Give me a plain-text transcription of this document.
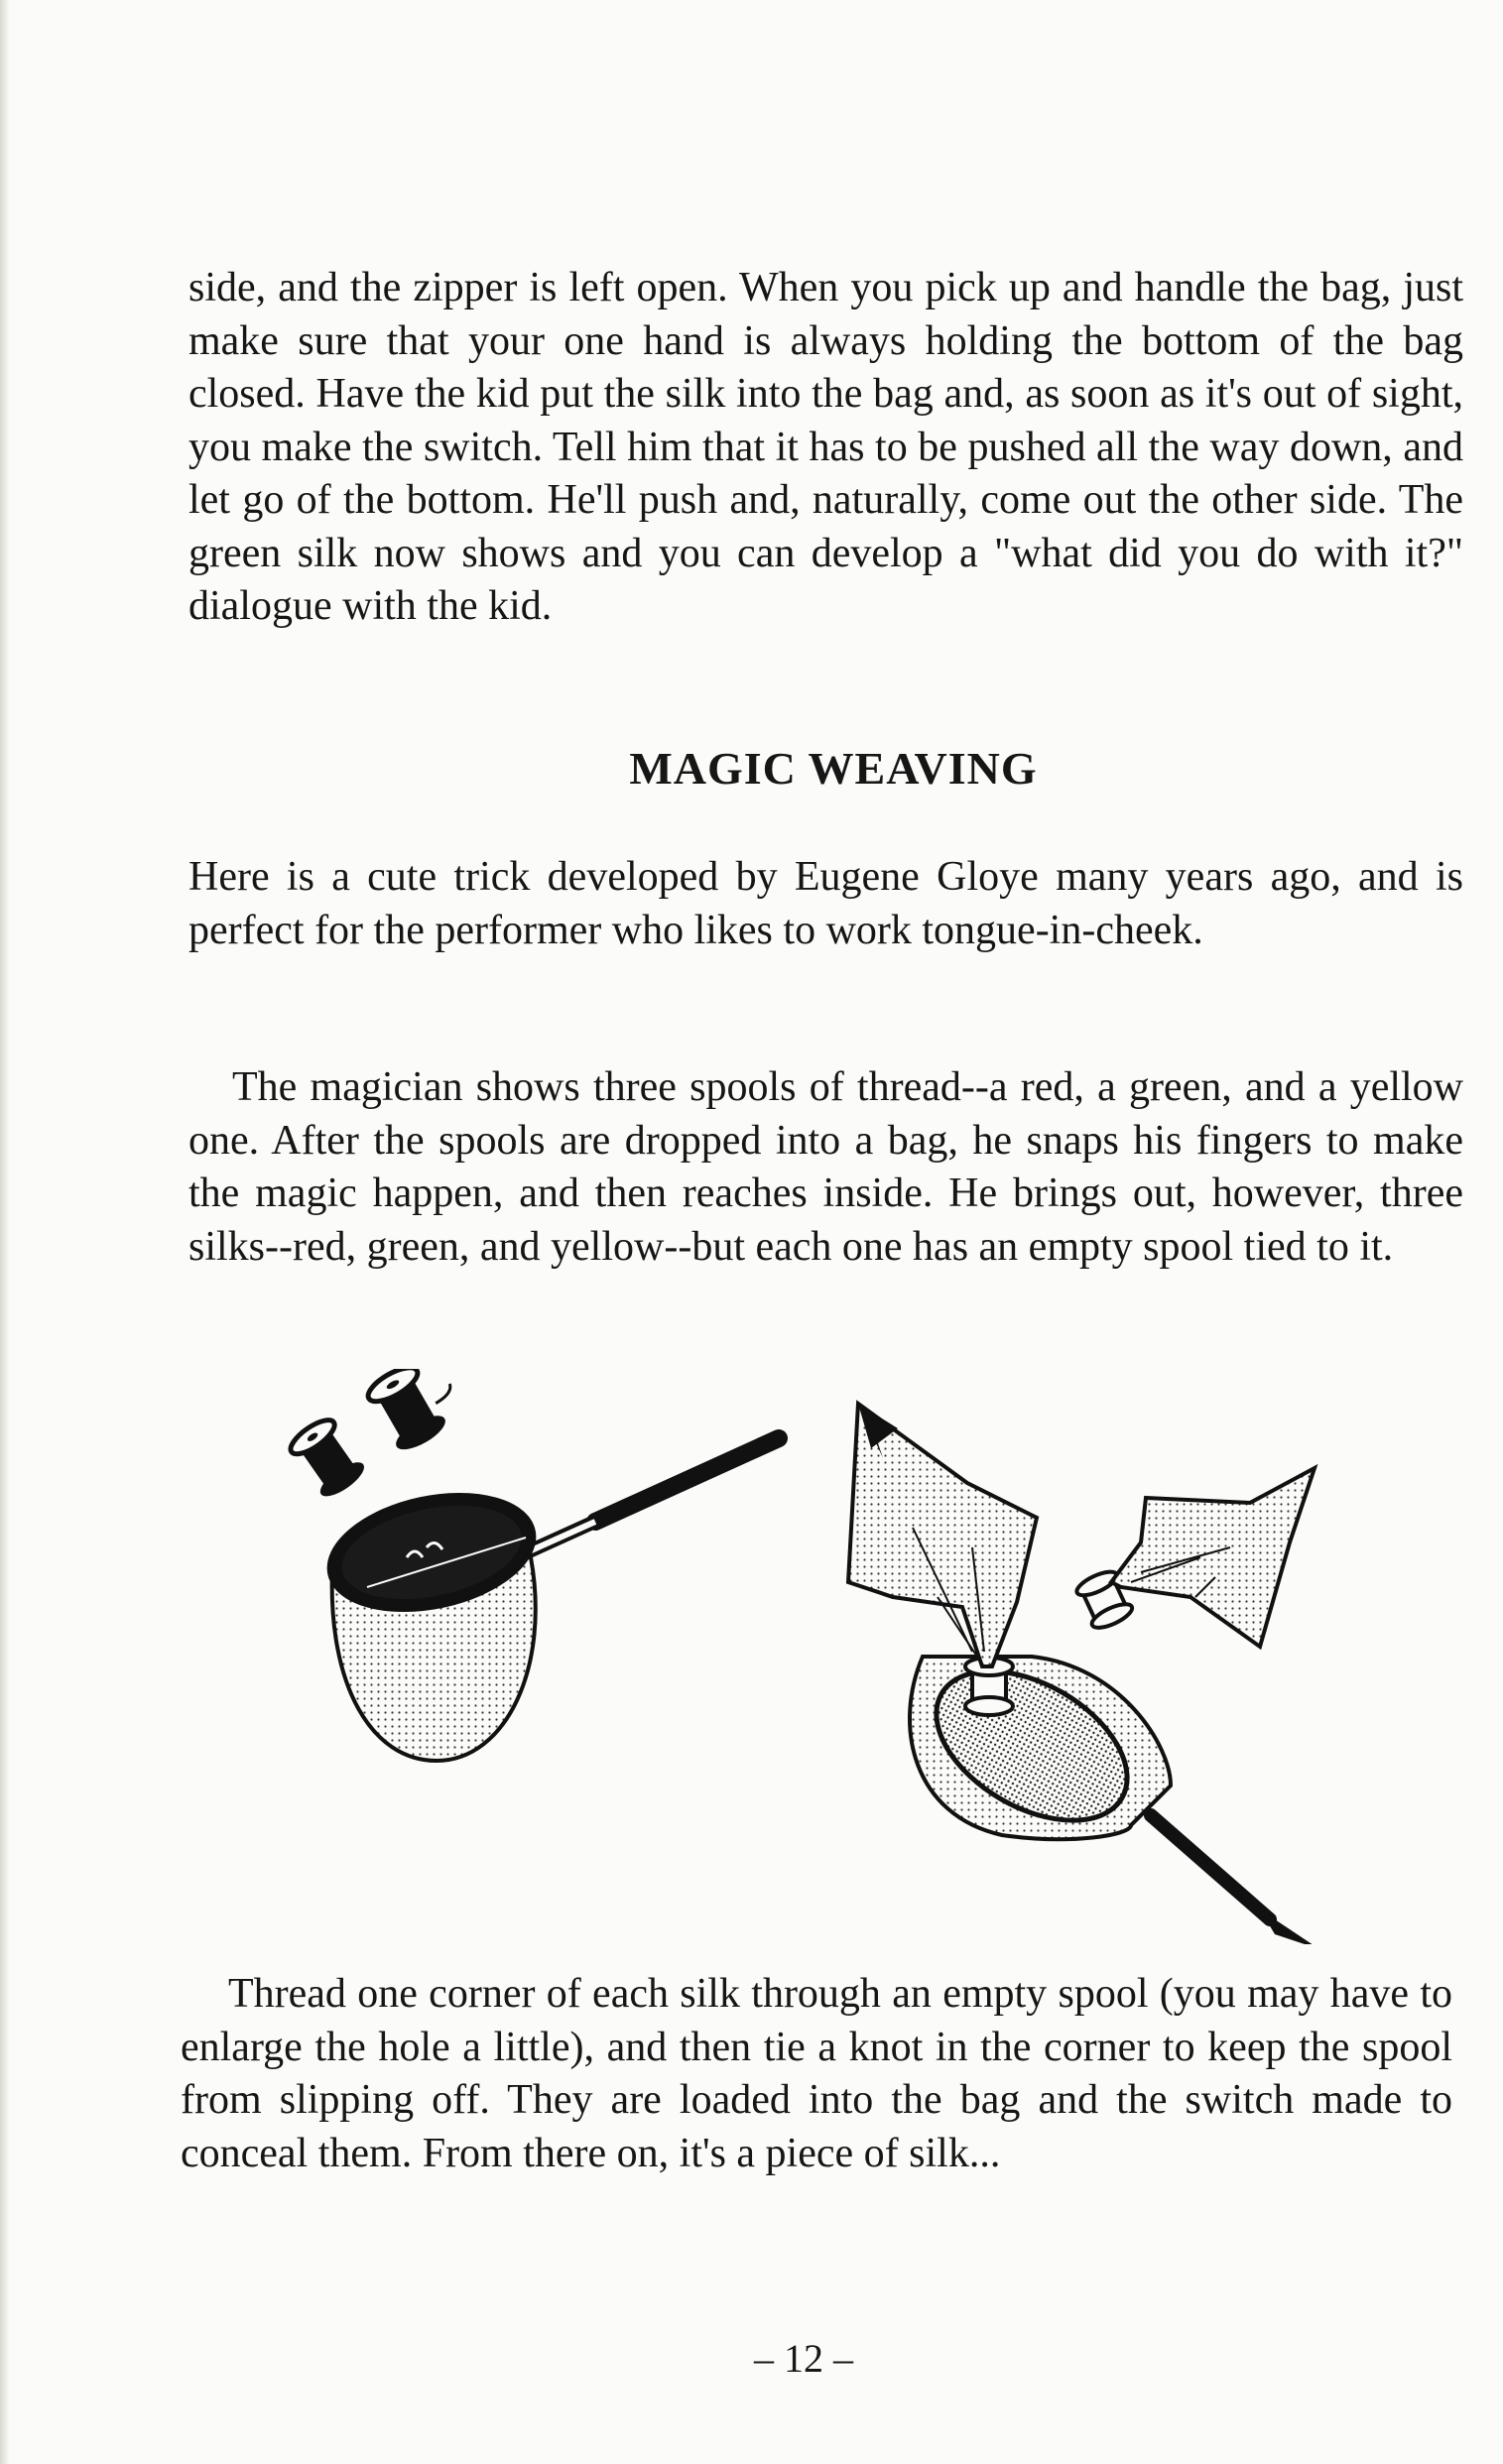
side, and the zipper is left open. When you pick up and handle the bag, just make sure that your one hand is always holding the bottom of the bag closed. Have the kid put the silk into the bag and, as soon as it's out of sight, you make the switch. Tell him that it has to be pushed all the way down, and let go of the bottom. He'll push and, naturally, come out the other side. The green silk now shows and you can develop a "what did you do with it?" dialogue with the kid.

MAGIC WEAVING

Here is a cute trick developed by Eugene Gloye many years ago, and is perfect for the performer who likes to work tongue-in-cheek.

The magician shows three spools of thread--a red, a green, and a yellow one. After the spools are dropped into a bag, he snaps his fingers to make the magic happen, and then reaches inside. He brings out, however, three silks--red, green, and yellow--but each one has an empty spool tied to it.

Thread one corner of each silk through an empty spool (you may have to enlarge the hole a little), and then tie a knot in the corner to keep the spool from slipping off. They are loaded into the bag and the switch made to conceal them. From there on, it's a piece of silk...

– 12 –
